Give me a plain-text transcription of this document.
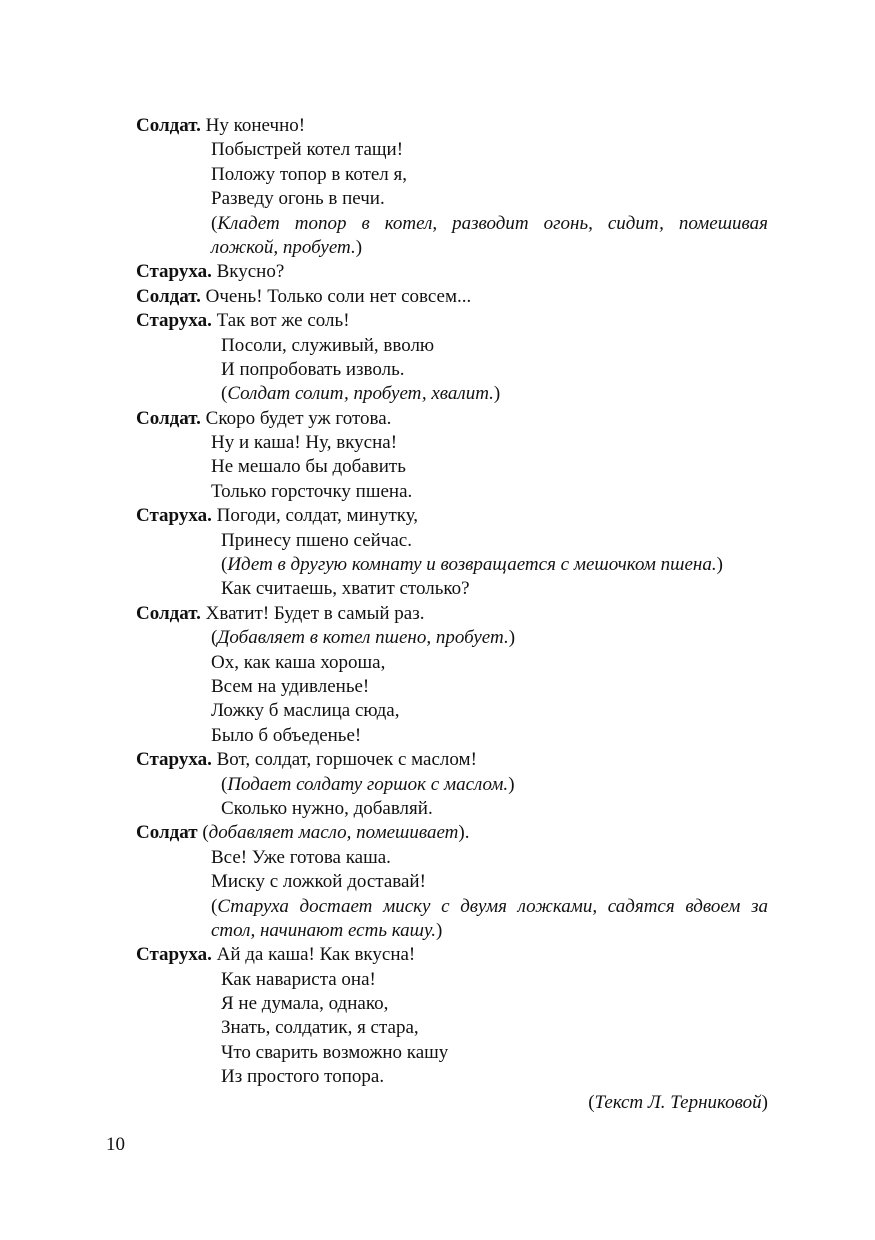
Солдат. Ну конечно!
Побыстрей котел тащи!
Положу топор в котел я,
Разведу огонь в печи.
(Кладет топор в котел, разводит огонь, сидит, помешивая
ложкой, пробует.)
Старуха. Вкусно?
Солдат. Очень! Только соли нет совсем...
Старуха. Так вот же соль!
Посоли, служивый, вволю
И попробовать изволь.
(Солдат солит, пробует, хвалит.)
Солдат. Скоро будет уж готова.
Ну и каша! Ну, вкусна!
Не мешало бы добавить
Только горсточку пшена.
Старуха. Погоди, солдат, минутку,
Принесу пшено сейчас.
(Идет в другую комнату и возвращается с мешочком пшена.)
Как считаешь, хватит столько?
Солдат. Хватит! Будет в самый раз.
(Добавляет в котел пшено, пробует.)
Ох, как каша хороша,
Всем на удивленье!
Ложку б маслица сюда,
Было б объеденье!
Старуха. Вот, солдат, горшочек с маслом!
(Подает солдату горшок с маслом.)
Сколько нужно, добавляй.
Солдат (добавляет масло, помешивает).
Все! Уже готова каша.
Миску с ложкой доставай!
(Старуха достает миску с двумя ложками, садятся вдвоем за
стол, начинают есть кашу.)
Старуха. Ай да каша! Как вкусна!
Как навариста она!
Я не думала, однако,
Знать, солдатик, я стара,
Что сварить возможно кашу
Из простого топора.
(Текст Л. Терниковой)
10
